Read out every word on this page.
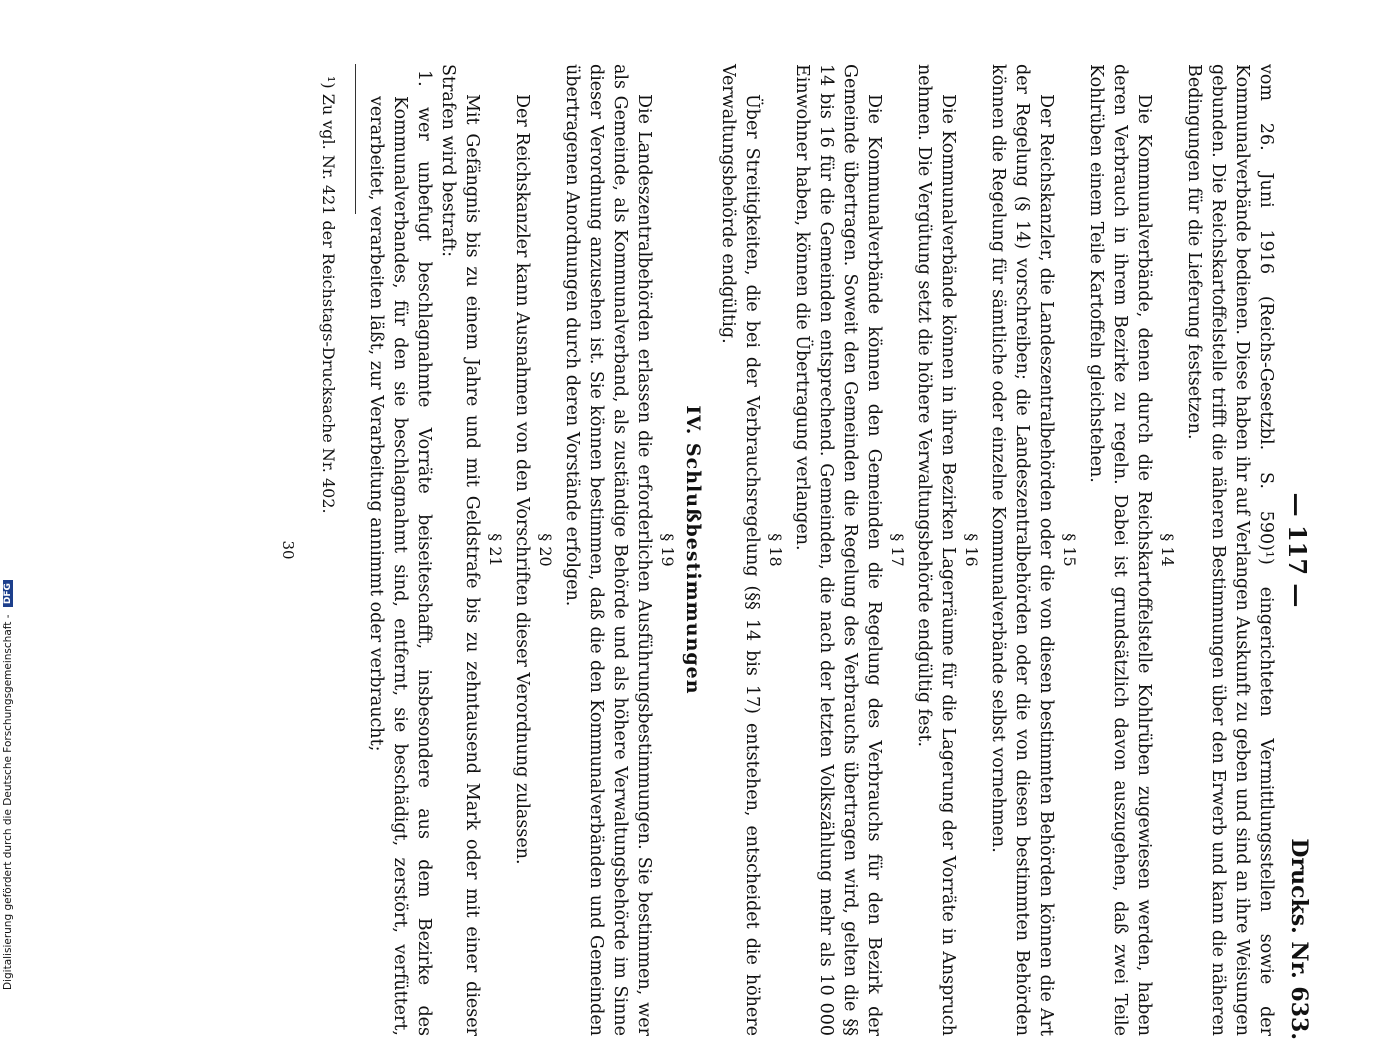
— 117 —
Drucks. Nr. 633.

vom 26. Juni 1916 (Reichs-Gesetzbl. S. 590)¹) eingerichteten Vermittlungsstellen sowie der Kommunalverbände bedienen. Diese haben ihr auf Verlangen Auskunft zu geben und sind an ihre Weisungen gebunden. Die Reichskartoffelstelle trifft die näheren Bestimmungen über den Erwerb und kann die näheren Bedingungen für die Lieferung festsetzen.

§ 14

Die Kommunalverbände, denen durch die Reichskartoffelstelle Kohlrüben zugewiesen werden, haben deren Verbrauch in ihrem Bezirke zu regeln. Dabei ist grundsätzlich davon auszugehen, daß zwei Teile Kohlrüben einem Teile Kartoffeln gleichstehen.

§ 15

Der Reichskanzler, die Landeszentralbehörden oder die von diesen bestimmten Behörden können die Art der Regelung (§ 14) vorschreiben; die Landeszentralbehörden oder die von diesen bestimmten Behörden können die Regelung für sämtliche oder einzelne Kommunalverbände selbst vornehmen.

§ 16

Die Kommunalverbände können in ihren Bezirken Lagerräume für die Lagerung der Vorräte in Anspruch nehmen. Die Vergütung setzt die höhere Verwaltungsbehörde endgültig fest.

§ 17

Die Kommunalverbände können den Gemeinden die Regelung des Verbrauchs für den Bezirk der Gemeinde übertragen. Soweit den Gemeinden die Regelung des Verbrauchs übertragen wird, gelten die §§ 14 bis 16 für die Gemeinden entsprechend. Gemeinden, die nach der letzten Volkszählung mehr als 10 000 Einwohner haben, können die Übertragung verlangen.

§ 18

Über Streitigkeiten, die bei der Verbrauchsregelung (§§ 14 bis 17) entstehen, entscheidet die höhere Verwaltungsbehörde endgültig.

IV. Schlußbestimmungen

§ 19

Die Landeszentralbehörden erlassen die erforderlichen Ausführungsbestimmungen. Sie bestimmen, wer als Gemeinde, als Kommunalverband, als zuständige Behörde und als höhere Verwaltungsbehörde im Sinne dieser Verordnung anzusehen ist. Sie können bestimmen, daß die den Kommunalverbänden und Gemeinden übertragenen Anordnungen durch deren Vorstände erfolgen.

§ 20

Der Reichskanzler kann Ausnahmen von den Vorschriften dieser Verordnung zulassen.

§ 21

Mit Gefängnis bis zu einem Jahre und mit Geldstrafe bis zu zehntausend Mark oder mit einer dieser Strafen wird bestraft:

1. wer unbefugt beschlagnahmte Vorräte beiseiteschafft, insbesondere aus dem Bezirke des Kommunalverbandes, für den sie beschlagnahmt sind, entfernt, sie beschädigt, zerstört, verfüttert, verarbeitet, verarbeiten läßt, zur Verarbeitung annimmt oder verbraucht;

¹) Zu vgl. Nr. 421 der Reichstags-Drucksache Nr. 402.

30

Digitalisierung gefördert durch die Deutsche Forschungsgemeinschaft - DFG
